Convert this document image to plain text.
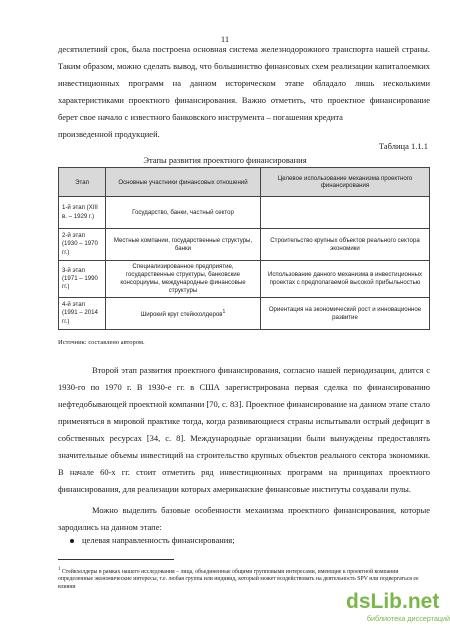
11

десятилетний срок, была построена основная система железнодорожного транспорта нашей страны. Таким образом, можно сделать вывод, что большинство финансовых схем реализации капиталоемких инвестиционных программ на данном историческом этапе обладало лишь несколькими характеристиками проектного финансирования. Важно отметить, что проектное финансирование берет свое начало с известного банковского инструмента – погашения кредита

произведенной продукцией.
Таблица 1.1.1
Этапы развития проектного финансирования
Этап	Основные участники финансовых отношений	Целевое использование механизма проектного финансирования
1-й этап (XIII в. – 1929 г.)	Государство, банки, частный сектор	
2-й этап (1930 – 1970 гг.)	Местные компании, государственные структуры, банки	Строительство крупных объектов реального сектора экономики
3-й этап (1971 – 1990 гг.)	Специализированное предприятие, государственные структуры, банковские консорциумы, международные финансовые структуры	Использование данного механизма в инвестиционных проектах с предполагаемой высокой прибыльностью
4-й этап (1991 – 2014 гг.)	Широкий круг стейкхолдеров$^1$	Ориентация на экономический рост и инновационное развитие
Источник: составлено автором.

Второй этап развития проектного финансирования, согласно нашей периодизации, длится с 1930-го по 1970 г. В 1930-е гг. в США зарегистрирована первая сделка по финансированию нефтедобывающей проектной компании [70, с. 83]. Проектное финансирование на данном этапе стало применяться в мировой практике тогда, когда развивающиеся страны испытывали острый дефицит в собственных ресурсах [34, с. 8]. Международные организации были вынуждены предоставлять значительные объемы инвестиций на строительство крупных объектов реального сектора экономики. В начале 60-х гг. стоит отметить ряд инвестиционных программ на принципах проектного финансирования, для реализации которых американские финансовые институты создавали пулы.

Можно выделить базовые особенности механизма проектного финансирования, которые зародились на данном этапе:

целевая направленность финансирования;

$^1$ Стейкхолдеры в рамках нашего исследования – лица, объединенные общими групповыми интересами, имеющие к проектной компании определенные экономические интересы, т.е. любая группа или индивид, который может воздействовать на деятельность SPV или подвергаться ее влияни

dsLib.net
библиотека диссертаций
